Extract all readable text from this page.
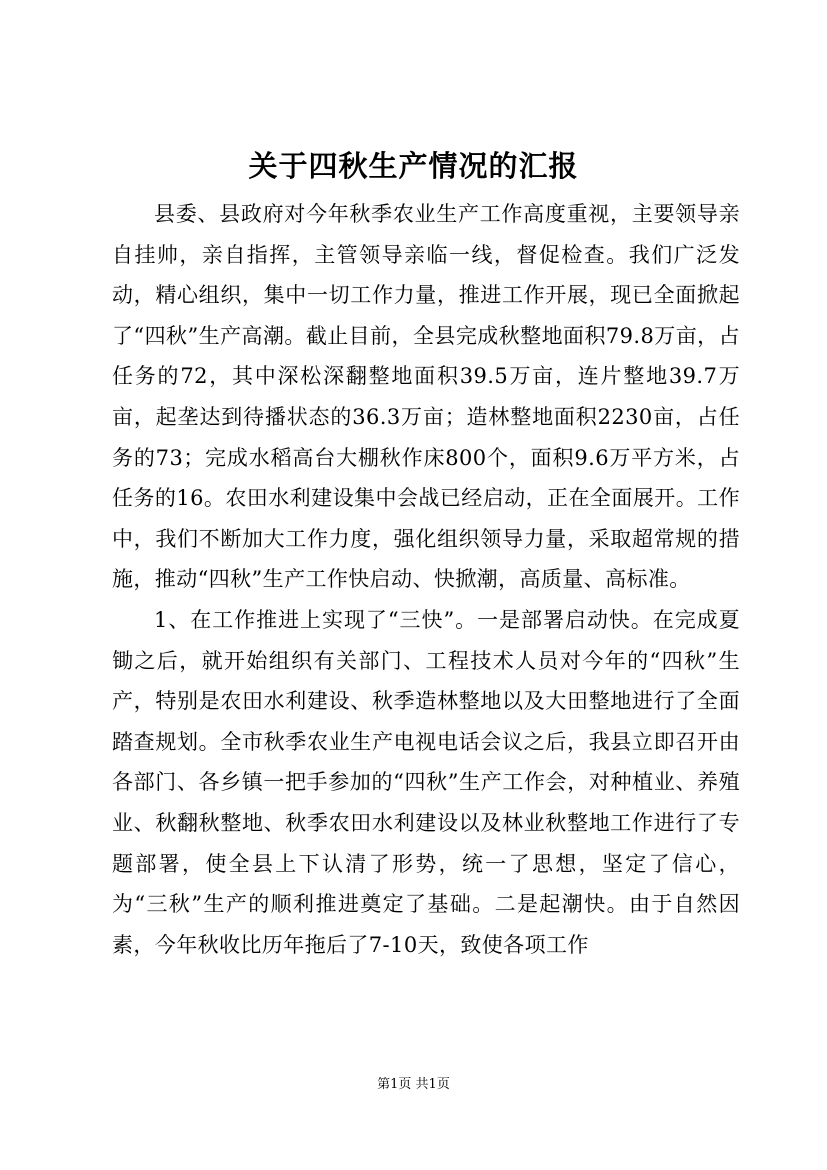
关于四秋生产情况的汇报

县委、县政府对今年秋季农业生产工作高度重视，主要领导亲自挂帅，亲自指挥，主管领导亲临一线，督促检查。我们广泛发动，精心组织，集中一切工作力量，推进工作开展，现已全面掀起了“四秋”生产高潮。截止目前，全县完成秋整地面积79.8万亩，占任务的72，其中深松深翻整地面积39.5万亩，连片整地39.7万亩，起垄达到待播状态的36.3万亩；造林整地面积2230亩，占任务的73；完成水稻高台大棚秋作床800个，面积9.6万平方米，占任务的16。农田水利建设集中会战已经启动，正在全面展开。工作中，我们不断加大工作力度，强化组织领导力量，采取超常规的措施，推动“四秋”生产工作快启动、快掀潮，高质量、高标准。

1、在工作推进上实现了“三快”。一是部署启动快。在完成夏锄之后，就开始组织有关部门、工程技术人员对今年的“四秋”生产，特别是农田水利建设、秋季造林整地以及大田整地进行了全面踏查规划。全市秋季农业生产电视电话会议之后，我县立即召开由各部门、各乡镇一把手参加的“四秋”生产工作会，对种植业、养殖业、秋翻秋整地、秋季农田水利建设以及林业秋整地工作进行了专题部署，使全县上下认清了形势，统一了思想，坚定了信心，为“三秋”生产的顺利推进奠定了基础。二是起潮快。由于自然因素，今年秋收比历年拖后了7-10天，致使各项工作

第1页 共1页
